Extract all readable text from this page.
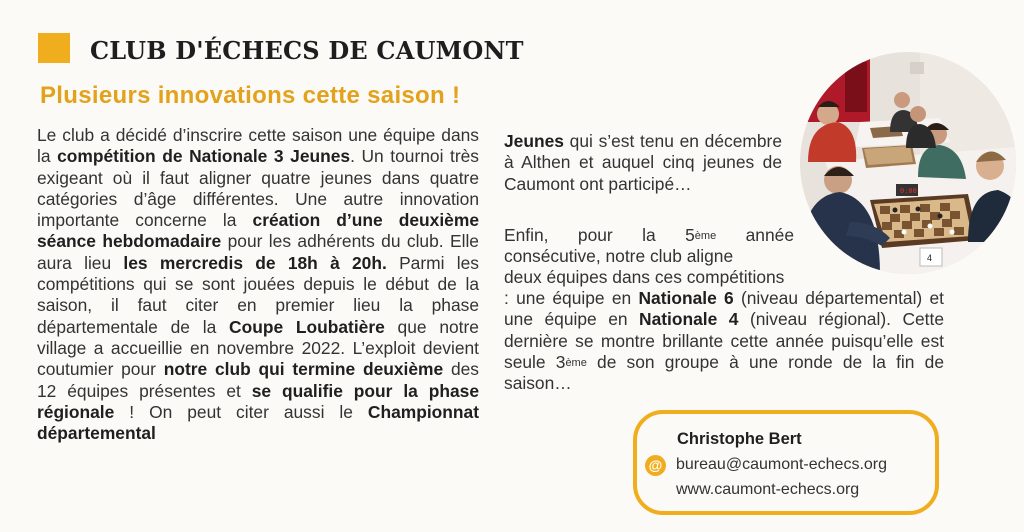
CLUB D'ÉCHECS DE CAUMONT
Plusieurs innovations cette saison !

Le club a décidé d’inscrire cette saison une équipe dans la compétition de Nationale 3 Jeunes. Un tournoi très exigeant où il faut aligner quatre jeunes dans quatre catégories d’âge différentes. Une autre innovation importante concerne la création d’une deuxième séance hebdomadaire pour les adhérents du club. Elle aura lieu les mercredis de 18h à 20h. Parmi les compétitions qui se sont jouées depuis le début de la saison, il faut citer en premier lieu la phase départementale de la Coupe Loubatière que notre village a accueillie en novembre 2022. L’exploit devient coutumier pour notre club qui termine deuxième des 12 équipes présentes et se qualifie pour la phase régionale ! On peut citer aussi le Championnat départemental

Jeunes qui s’est tenu en décembre à Althen et auquel cinq jeunes de Caumont ont participé…

Enfin, pour la 5ème année consécutive, notre club aligne

deux équipes dans ces compétitions

: une équipe en Nationale 6 (niveau départemental) et une équipe en Nationale 4 (niveau régional). Cette dernière se montre brillante cette année puisqu’elle est seule 3ème de son groupe à une ronde de la fin de saison…

0:00
4
Christophe Bert
@ bureau@caumont-echecs.org
www.caumont-echecs.org
